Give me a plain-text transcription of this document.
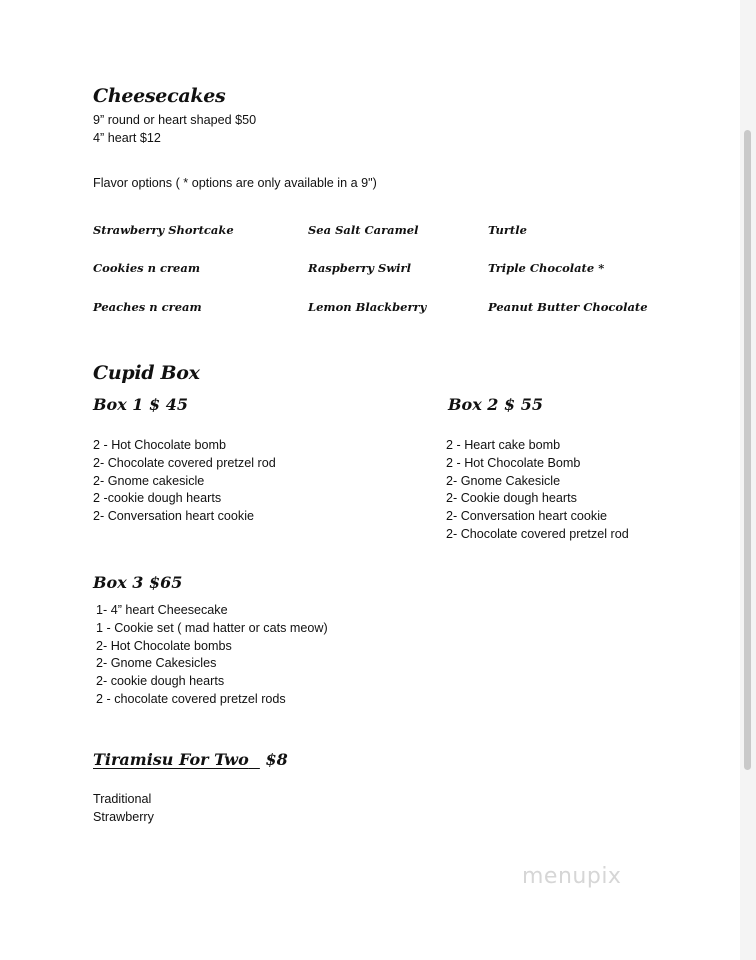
Cheesecakes
9” round or heart shaped $50
4” heart $12
Flavor options ( * options are only available in a 9")
Strawberry Shortcake	Sea Salt Caramel	Turtle
Cookies n cream	Raspberry Swirl	Triple Chocolate *
Peaches n cream	Lemon Blackberry	Peanut Butter Chocolate
Cupid Box
Box 1 $ 45
2 - Hot Chocolate bomb
2- Chocolate covered pretzel rod
2- Gnome cakesicle
2 -cookie dough hearts
2- Conversation heart cookie
Box 2 $ 55
2 - Heart cake bomb
2 - Hot Chocolate Bomb
2- Gnome Cakesicle
2- Cookie dough hearts
2- Conversation heart cookie
2- Chocolate covered pretzel rod
Box 3 $65
1- 4” heart Cheesecake
1 - Cookie set ( mad hatter or cats meow)
2- Hot Chocolate bombs
2- Gnome Cakesicles
2- cookie dough hearts
2 - chocolate covered pretzel rods
Tiramisu For Two $8
Traditional
Strawberry
menupix
